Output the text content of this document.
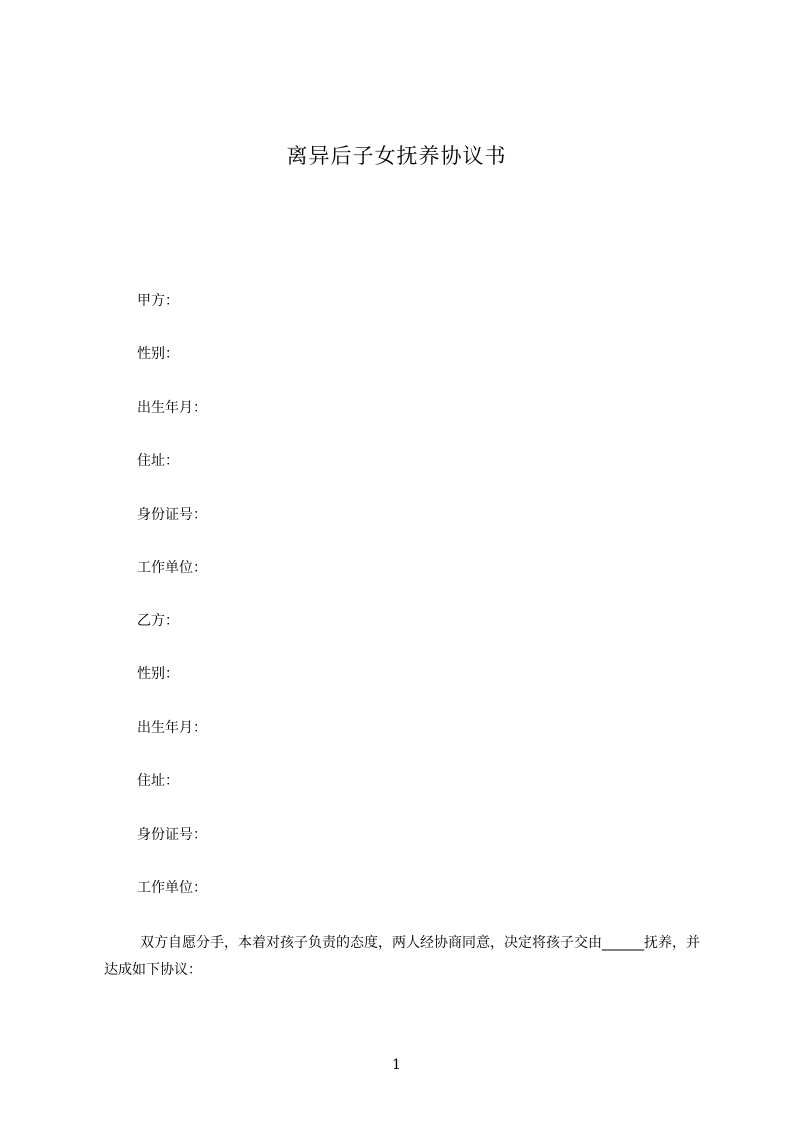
离异后子女抚养协议书
甲方：
性别：
出生年月：
住址：
身份证号：
工作单位：
乙方：
性别：
出生年月：
住址：
身份证号：
工作单位：

双方自愿分手，本着对孩子负责的态度，两人经协商同意，决定将孩子交由______抚养，并达成如下协议：

1
